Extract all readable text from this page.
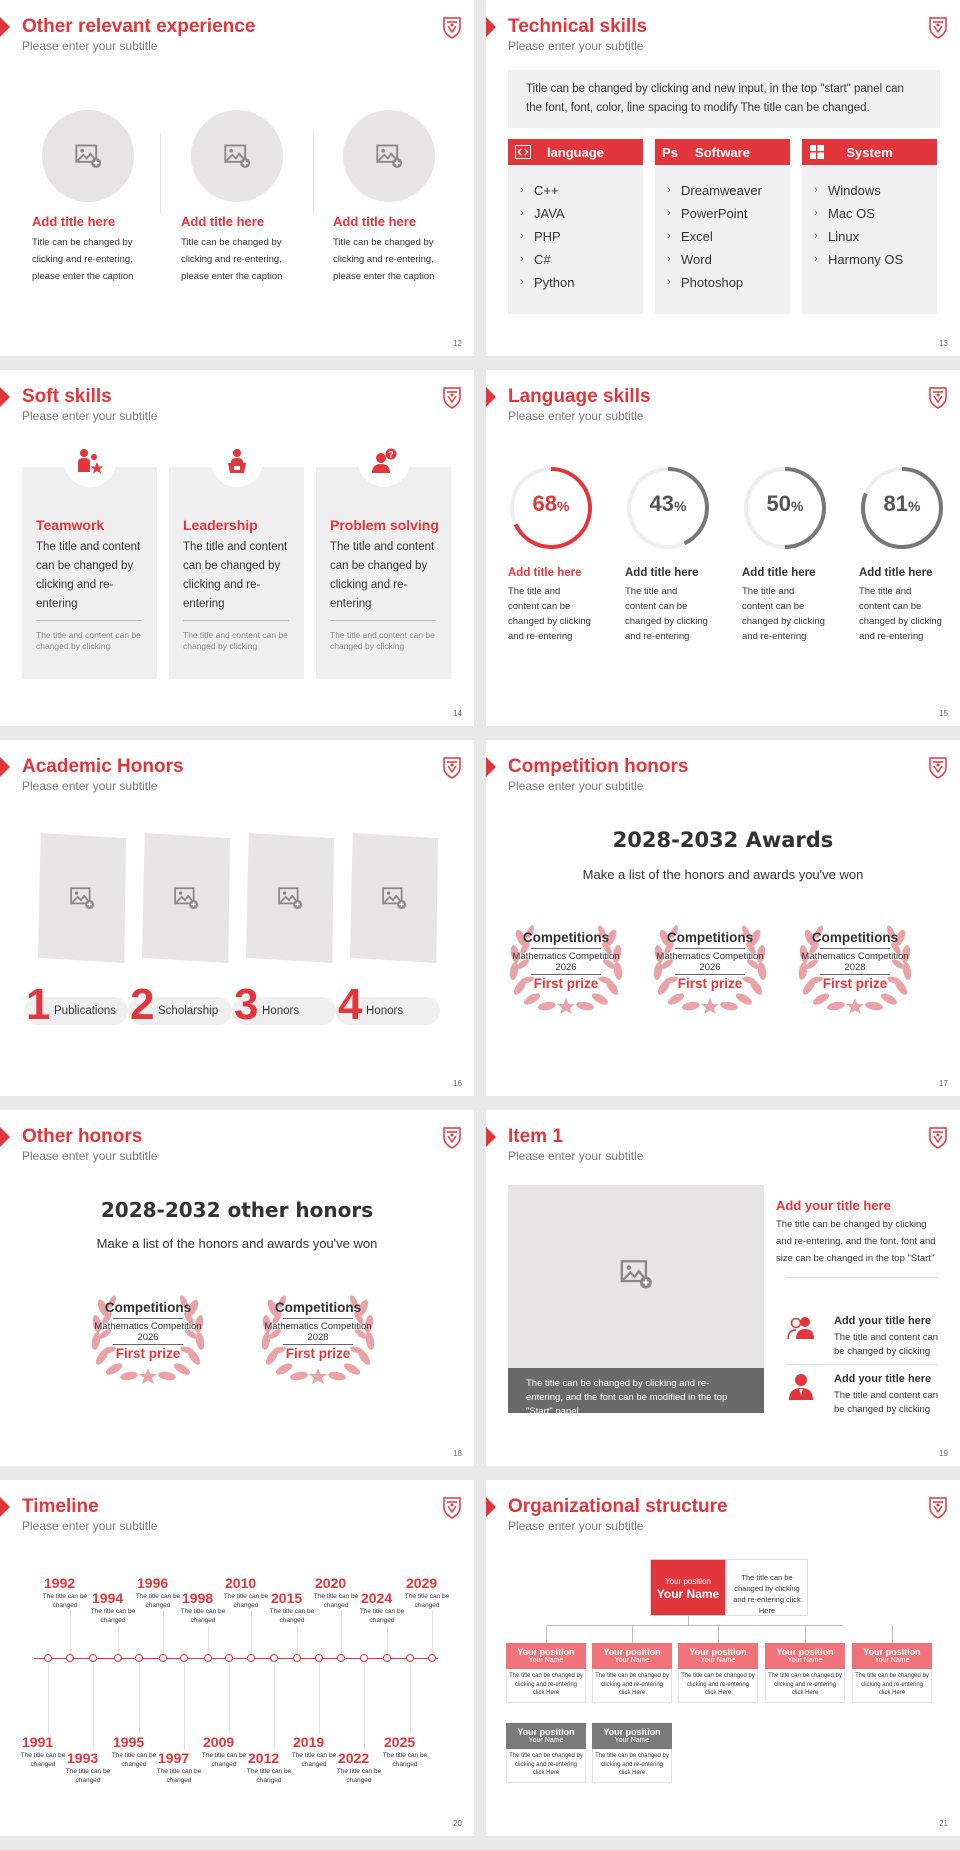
Other relevant experience
Please enter your subtitle
Add title here
Title can be changed by clicking and re-entering, please enter the caption
Add title here
Title can be changed by clicking and re-entering, please enter the caption
Add title here
Title can be changed by clicking and re-entering, please enter the caption
12
Technical skills
Please enter your subtitle
Title can be changed by clicking and new input, in the top "start" panel can the font, font, color, line spacing to modify The title can be changed.
language
› C++
› JAVA
› PHP
› C#
› Python
Ps	Software
› Dreamweaver
› PowerPoint
› Excel
› Word
› Photoshop
System
› Windows
› Mac OS
› Linux
› Harmony OS
13
Soft skills
Please enter your subtitle
Teamwork
The title and content can be changed by clicking and re-entering
The title and content can be changed by clicking
Leadership
The title and content can be changed by clicking and re-entering
The title and content can be changed by clicking
?
Problem solving
The title and content can be changed by clicking and re-entering
The title and content can be changed by clicking
14
Language skills
Please enter your subtitle
68%
Add title here
The title and content can be changed by clicking and re-entering
43%
Add title here
The title and content can be changed by clicking and re-entering
50%
Add title here
The title and content can be changed by clicking and re-entering
81%
Add title here
The title and content can be changed by clicking and re-entering
15
Academic Honors
Please enter your subtitle
1 Publications 2 Scholarship 3 Honors 4 Honors
16
Competition honors
Please enter your subtitle
2028-2032 Awards
Make a list of the honors and awards you've won
Competitions
Mathematics Competition
2026
First prize
Competitions
Mathematics Competition
2026
First prize
Competitions
Mathematics Competition
2028
First prize
17
Other honors
Please enter your subtitle
2028-2032 other honors
Make a list of the honors and awards you've won
Competitions
Mathematics Competition
2026
First prize
Competitions
Mathematics Competition
2028
First prize
18
Item 1
Please enter your subtitle
The title can be changed by clicking and re-entering, and the font can be modified in the top "Start" panel.
Add your title here
The title can be changed by clicking and re-entering, and the font, font and size can be changed in the top "Start"
Add your title here
The title and content can be changed by clicking
Add your title here
The title and content can be changed by clicking
19
Timeline
Please enter your subtitle
20
1992
The title can be changed	1994
The title can be changed
1996
The title can be changed 1998
The title can be changed
2010
The title can be changed 2015
The title can be changed
2020
The title can be changed 2024
The title can be changed
2029
The title can be changed
1991
The title can be changed 1993
The title can be changed
1995
The title can be changed 1997
The title can be changed
2009
The title can be changed 2012
The title can be changed
2019
The title can be changed 2022
The title can be changed
2025
The title can be changed
Organizational structure
Please enter your subtitle
Your position
Your Name
The title can be changed by clicking and re-entering click Here
21
Your position
Your Name
The title can be changed by clicking and re-entering click Here
Your position
Your Name
The title can be changed by clicking and re-entering click Here
Your position
Your Name
The title can be changed by clicking and re-entering click Here
Your position
Your Name
The title can be changed by clicking and re-entering click Here
Your position
Your Name
The title can be changed by clicking and re-entering click Here
Your position
Your Name
The title can be changed by clicking and re-entering click Here
Your position
Your Name
The title can be changed by clicking and re-entering click Here
